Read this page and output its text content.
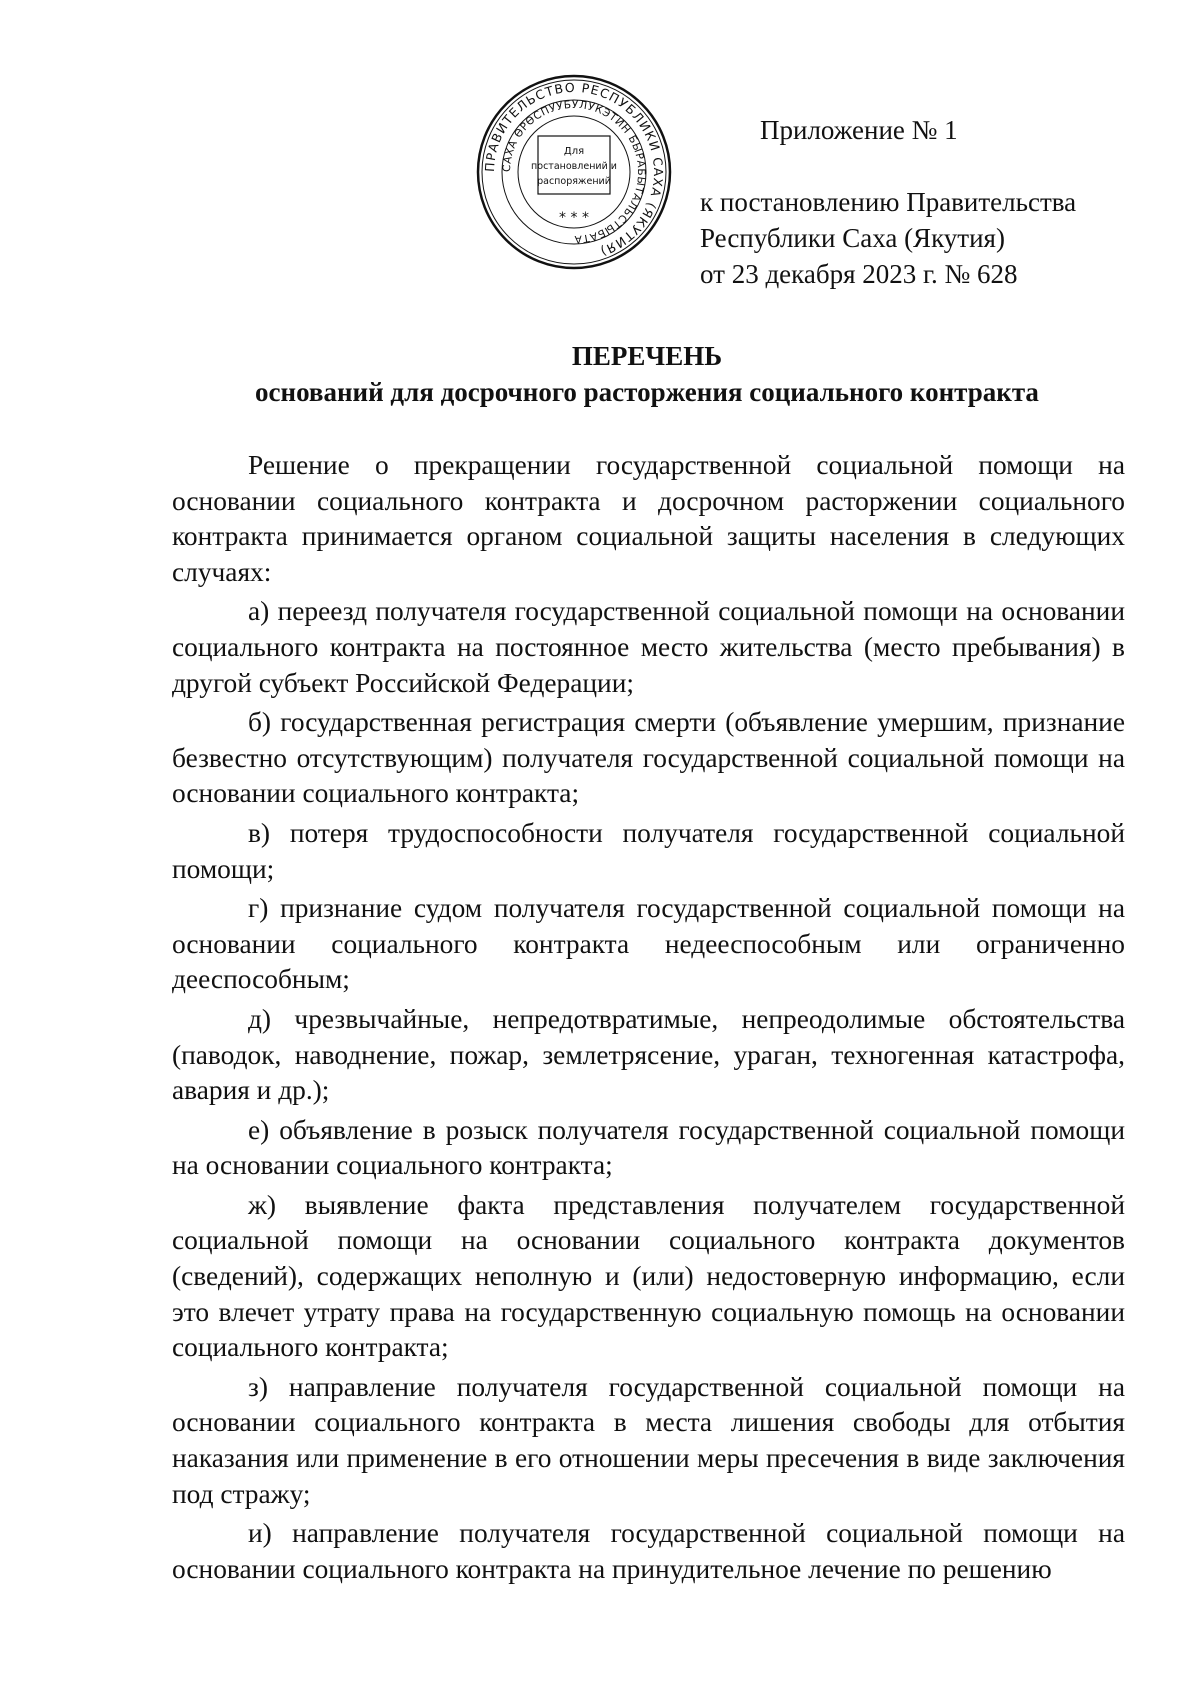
ПРАВИТЕЛЬСТВО РЕСПУБЛИКИ САХА (ЯКУТИЯ)
САХА ӨРӨСПУУБУЛУКЭТИН БЫРАБЫТАЛЬСТЫБАТА
Для
постановлений и
распоряжений
* * *
Приложение № 1
к постановлению Правительства
Республики Саха (Якутия)
от 23 декабря 2023 г. № 628
ПЕРЕЧЕНЬ
оснований для досрочного расторжения социального контракта

Решение о прекращении государственной социальной помощи на основании социального контракта и досрочном расторжении социального контракта принимается органом социальной защиты населения в следующих случаях:

а) переезд получателя государственной социальной помощи на основании социального контракта на постоянное место жительства (место пребывания) в другой субъект Российской Федерации;

б) государственная регистрация смерти (объявление умершим, признание безвестно отсутствующим) получателя государственной социальной помощи на основании социального контракта;

в) потеря трудоспособности получателя государственной социальной помощи;

г) признание судом получателя государственной социальной помощи на основании социального контракта недееспособным или ограниченно дееспособным;

д) чрезвычайные, непредотвратимые, непреодолимые обстоятельства (паводок, наводнение, пожар, землетрясение, ураган, техногенная катастрофа, авария и др.);

е) объявление в розыск получателя государственной социальной помощи на основании социального контракта;

ж) выявление факта представления получателем государственной социальной помощи на основании социального контракта документов (сведений), содержащих неполную и (или) недостоверную информацию, если это влечет утрату права на государственную социальную помощь на основании социального контракта;

з) направление получателя государственной социальной помощи на основании социального контракта в места лишения свободы для отбытия наказания или применение в его отношении меры пресечения в виде заключения под стражу;

и) направление получателя государственной социальной помощи на основании социального контракта на принудительное лечение по решению
